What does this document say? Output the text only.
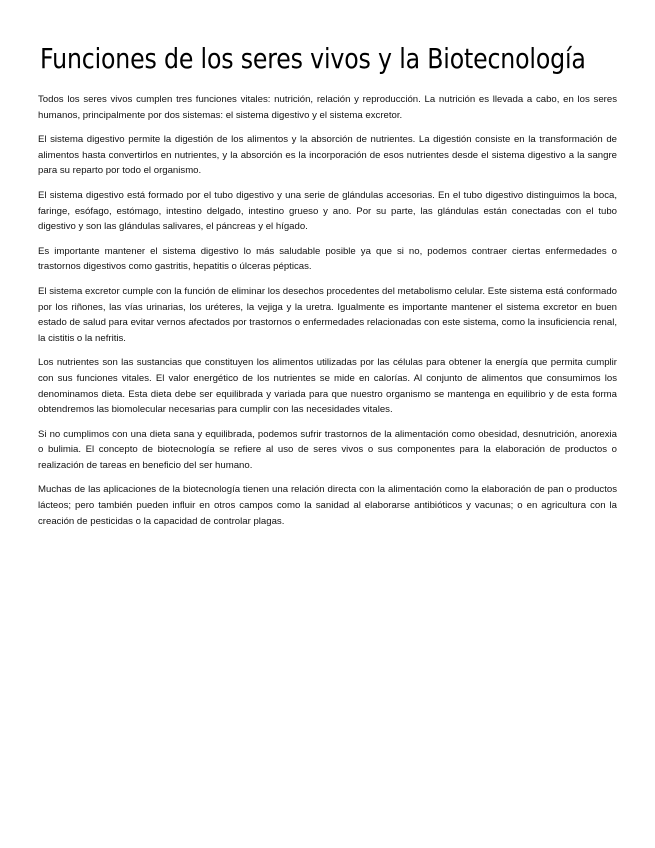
Funciones de los seres vivos y la Biotecnología

Todos los seres vivos cumplen tres funciones vitales: nutrición, relación y reproducción. La nutrición es llevada a cabo, en los seres humanos, principalmente por dos sistemas: el sistema digestivo y el sistema excretor.

El sistema digestivo permite la digestión de los alimentos y la absorción de nutrientes. La digestión consiste en la transformación de alimentos hasta convertirlos en nutrientes, y la absorción es la incorporación de esos nutrientes desde el sistema digestivo a la sangre para su reparto por todo el organismo.

El sistema digestivo está formado por el tubo digestivo y una serie de glándulas accesorias. En el tubo digestivo distinguimos la boca, faringe, esófago, estómago, intestino delgado, intestino grueso y ano. Por su parte, las glándulas están conectadas con el tubo digestivo y son las glándulas salivares, el páncreas y el hígado.

Es importante mantener el sistema digestivo lo más saludable posible ya que si no, podemos contraer ciertas enfermedades o trastornos digestivos como gastritis, hepatitis o úlceras pépticas.

El sistema excretor cumple con la función de eliminar los desechos procedentes del metabolismo celular. Este sistema está conformado por los riñones, las vías urinarias, los uréteres, la vejiga y la uretra. Igualmente es importante mantener el sistema excretor en buen estado de salud para evitar vernos afectados por trastornos o enfermedades relacionadas con este sistema, como la insuficiencia renal, la cistitis o la nefritis.

Los nutrientes son las sustancias que constituyen los alimentos utilizadas por las células para obtener la energía que permita cumplir con sus funciones vitales. El valor energético de los nutrientes se mide en calorías. Al conjunto de alimentos que consumimos los denominamos dieta. Esta dieta debe ser equilibrada y variada para que nuestro organismo se mantenga en equilibrio y de esta forma obtendremos las biomolecular necesarias para cumplir con las necesidades vitales.

Si no cumplimos con una dieta sana y equilibrada, podemos sufrir trastornos de la alimentación como obesidad, desnutrición, anorexia o bulimia. El concepto de biotecnología se refiere al uso de seres vivos o sus componentes para la elaboración de productos o realización de tareas en beneficio del ser humano.

Muchas de las aplicaciones de la biotecnología tienen una relación directa con la alimentación como la elaboración de pan o productos lácteos; pero también pueden influir en otros campos como la sanidad al elaborarse antibióticos y vacunas; o en agricultura con la creación de pesticidas o la capacidad de controlar plagas.
